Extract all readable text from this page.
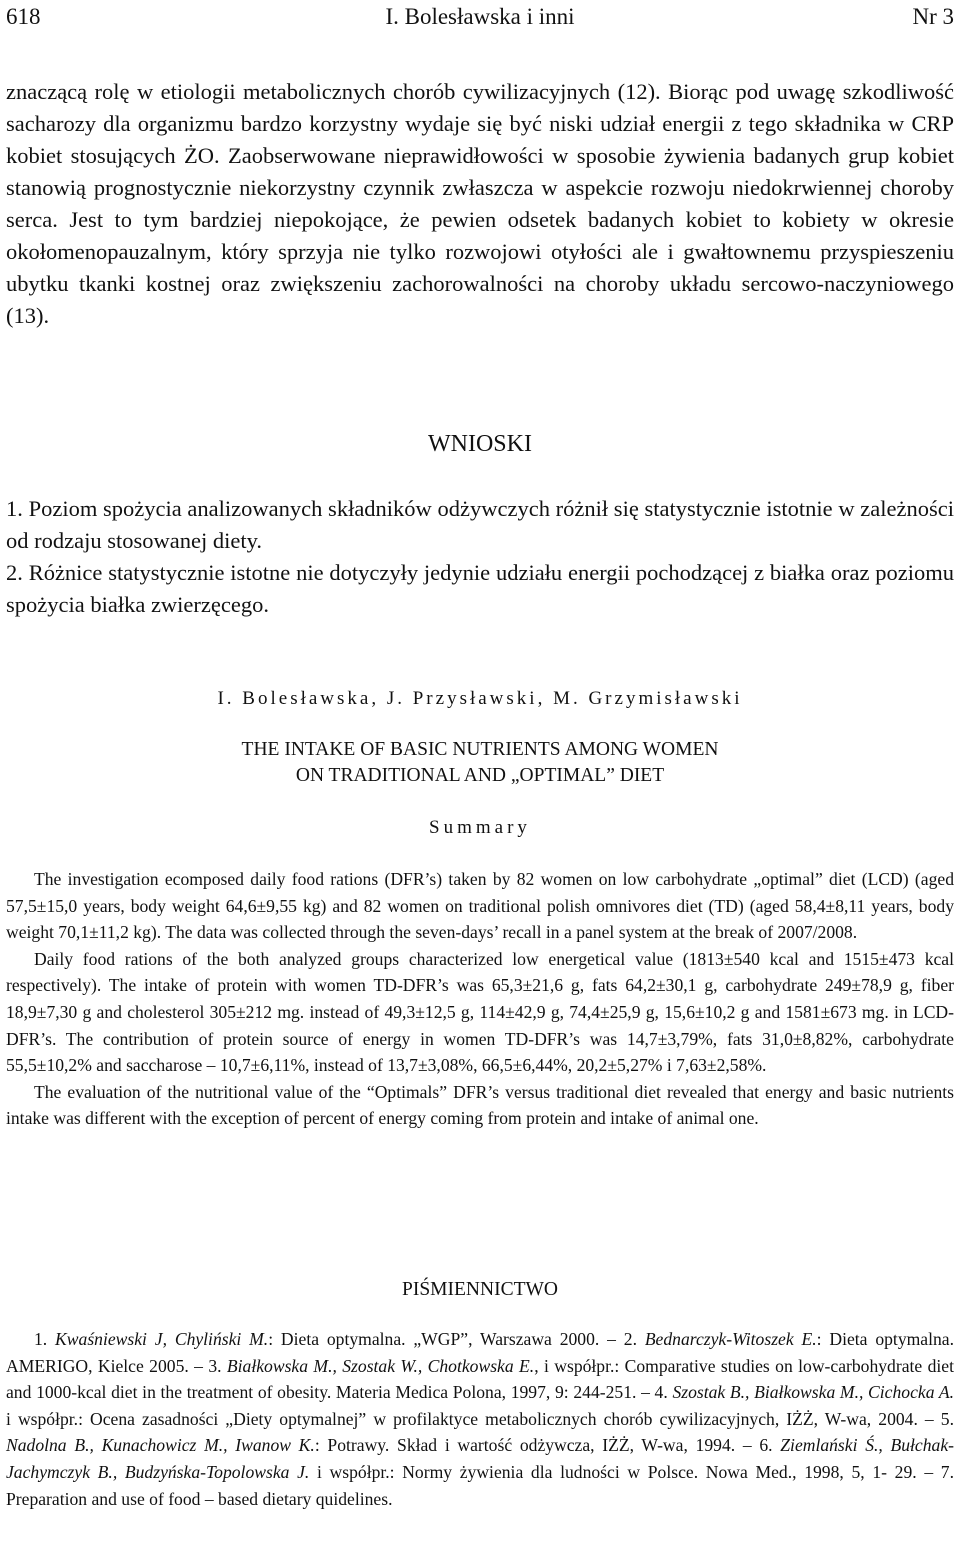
618	I. Bolesławska i inni	Nr 3

znaczącą rolę w etiologii metabolicznych chorób cywilizacyjnych (12). Biorąc pod uwagę szkodliwość sacharozy dla organizmu bardzo korzystny wydaje się być niski udział energii z tego składnika w CRP kobiet stosujących ŻO. Zaobserwowane nieprawidłowości w sposobie żywienia badanych grup kobiet stanowią prognostycznie niekorzystny czynnik zwłaszcza w aspekcie rozwoju niedokrwiennej choroby serca. Jest to tym bardziej niepokojące, że pewien odsetek badanych kobiet to kobiety w okresie okołomenopauzalnym, który sprzyja nie tylko rozwojowi otyłości ale i gwałtownemu przyspieszeniu ubytku tkanki kostnej oraz zwiększeniu zachorowalności na choroby układu sercowo-naczyniowego (13).

WNIOSKI

1. Poziom spożycia analizowanych składników odżywczych różnił się statystycznie istotnie w zależności od rodzaju stosowanej diety.

2. Różnice statystycznie istotne nie dotyczyły jedynie udziału energii pochodzącej z białka oraz poziomu spożycia białka zwierzęcego.

I. Bolesławska, J. Przysławski, M. Grzymisławski
THE INTAKE OF BASIC NUTRIENTS AMONG WOMEN
ON TRADITIONAL AND „OPTIMAL” DIET
Summary

The investigation ecomposed daily food rations (DFR’s) taken by 82 women on low carbohydrate „optimal” diet (LCD) (aged 57,5±15,0 years, body weight 64,6±9,55 kg) and 82 women on traditional polish omnivores diet (TD) (aged 58,4±8,11 years, body weight 70,1±11,2 kg). The data was collected through the seven-days’ recall in a panel system at the break of 2007/2008.

Daily food rations of the both analyzed groups characterized low energetical value (1813±540 kcal and 1515±473 kcal respectively). The intake of protein with women TD-DFR’s was 65,3±21,6 g, fats 64,2±30,1 g, carbohydrate 249±78,9 g, fiber 18,9±7,30 g and cholesterol 305±212 mg. instead of 49,3±12,5 g, 114±42,9 g, 74,4±25,9 g, 15,6±10,2 g and 1581±673 mg. in LCD-DFR’s. The contribution of protein source of energy in women TD-DFR’s was 14,7±3,79%, fats 31,0±8,82%, carbohydrate 55,5±10,2% and saccharose – 10,7±6,11%, instead of 13,7±3,08%, 66,5±6,44%, 20,2±5,27% i 7,63±2,58%.

The evaluation of the nutritional value of the “Optimals” DFR’s versus traditional diet revealed that energy and basic nutrients intake was different with the exception of percent of energy coming from protein and intake of animal one.

PIŚMIENNICTWO

1. Kwaśniewski J, Chyliński M.: Dieta optymalna. „WGP”, Warszawa 2000. – 2. Bednarczyk-Witoszek E.: Dieta optymalna. AMERIGO, Kielce 2005. – 3. Białkowska M., Szostak W., Chotkowska E., i współpr.: Comparative studies on low-carbohydrate diet and 1000-kcal diet in the treatment of obesity. Materia Medica Polona, 1997, 9: 244-251. – 4. Szostak B., Białkowska M., Cichocka A. i współpr.: Ocena zasadności „Diety optymalnej” w profilaktyce metabolicznych chorób cywilizacyjnych, IŻŻ, W-wa, 2004. – 5. Nadolna B., Kunachowicz M., Iwanow K.: Potrawy. Skład i wartość odżywcza, IŻŻ, W-wa, 1994. – 6. Ziemlański Ś., Bułchak-Jachymczyk B., Budzyńska-Topolowska J. i współpr.: Normy żywienia dla ludności w Polsce. Nowa Med., 1998, 5, 1- 29. – 7. Preparation and use of food – based dietary quidelines.
